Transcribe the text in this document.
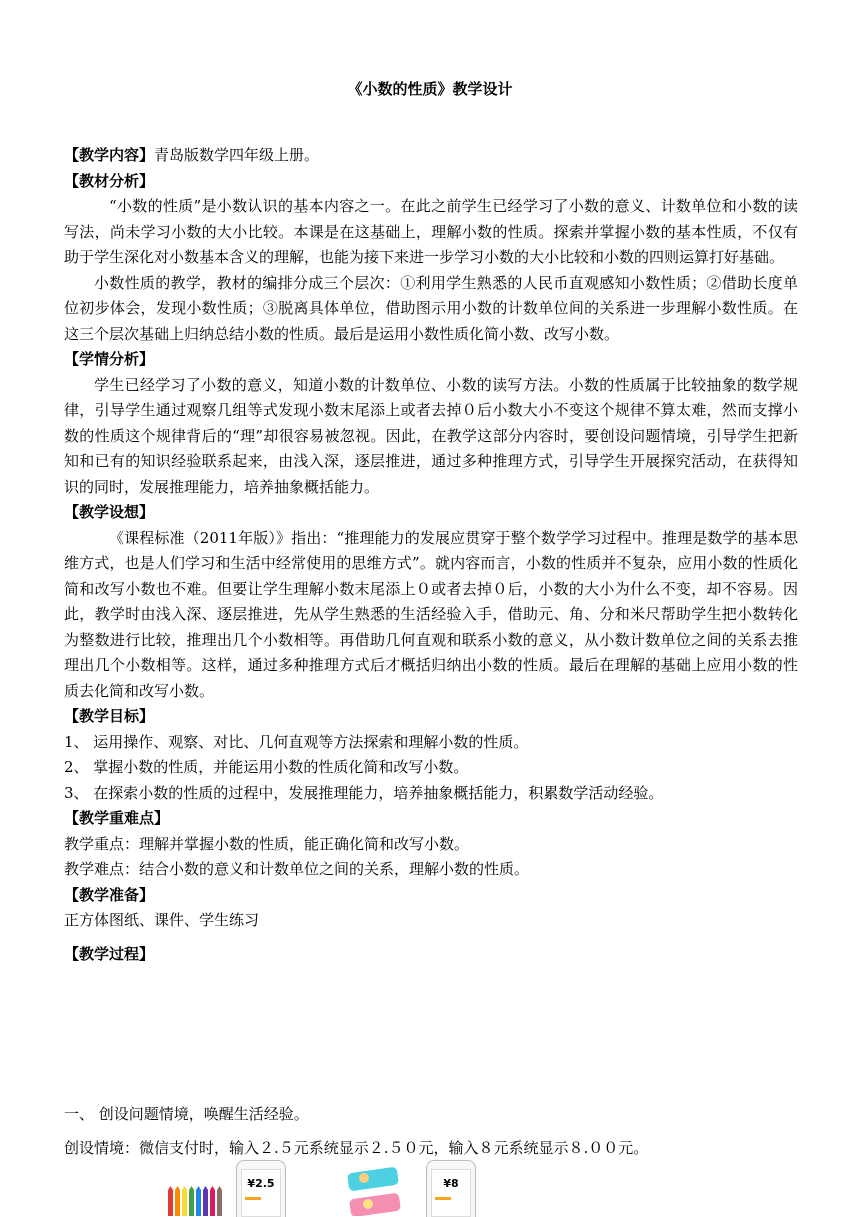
《小数的性质》教学设计

【教学内容】青岛版数学四年级上册。

【教材分析】

“小数的性质”是小数认识的基本内容之一。在此之前学生已经学习了小数的意义、计数单位和小数的读写法，尚未学习小数的大小比较。本课是在这基础上，理解小数的性质。探索并掌握小数的基本性质，不仅有助于学生深化对小数基本含义的理解，也能为接下来进一步学习小数的大小比较和小数的四则运算打好基础。

小数性质的教学，教材的编排分成三个层次：①利用学生熟悉的人民币直观感知小数性质；②借助长度单位初步体会，发现小数性质；③脱离具体单位，借助图示用小数的计数单位间的关系进一步理解小数性质。在这三个层次基础上归纳总结小数的性质。最后是运用小数性质化简小数、改写小数。

【学情分析】

学生已经学习了小数的意义，知道小数的计数单位、小数的读写方法。小数的性质属于比较抽象的数学规律，引导学生通过观察几组等式发现小数末尾添上或者去掉０后小数大小不变这个规律不算太难，然而支撑小数的性质这个规律背后的“理”却很容易被忽视。因此，在教学这部分内容时，要创设问题情境，引导学生把新知和已有的知识经验联系起来，由浅入深，逐层推进，通过多种推理方式，引导学生开展探究活动，在获得知识的同时，发展推理能力，培养抽象概括能力。

【教学设想】

《课程标准（2011年版）》指出：“推理能力的发展应贯穿于整个数学学习过程中。推理是数学的基本思维方式，也是人们学习和生活中经常使用的思维方式”。就内容而言，小数的性质并不复杂，应用小数的性质化简和改写小数也不难。但要让学生理解小数末尾添上０或者去掉０后，小数的大小为什么不变，却不容易。因此，教学时由浅入深、逐层推进，先从学生熟悉的生活经验入手，借助元、角、分和米尺帮助学生把小数转化为整数进行比较，推理出几个小数相等。再借助几何直观和联系小数的意义，从小数计数单位之间的关系去推理出几个小数相等。这样，通过多种推理方式后才概括归纳出小数的性质。最后在理解的基础上应用小数的性质去化简和改写小数。

【教学目标】

1、 运用操作、观察、对比、几何直观等方法探索和理解小数的性质。

2、 掌握小数的性质，并能运用小数的性质化简和改写小数。

3、 在探索小数的性质的过程中，发展推理能力，培养抽象概括能力，积累数学活动经验。

【教学重难点】

教学重点：理解并掌握小数的性质，能正确化简和改写小数。

教学难点：结合小数的意义和计数单位之间的关系，理解小数的性质。

【教学准备】

正方体图纸、课件、学生练习

【教学过程】

一、 创设问题情境，唤醒生活经验。
创设情境：微信支付时，输入２.５元系统显示２.５０元，输入８元系统显示８.００元。
¥2.5	¥8
